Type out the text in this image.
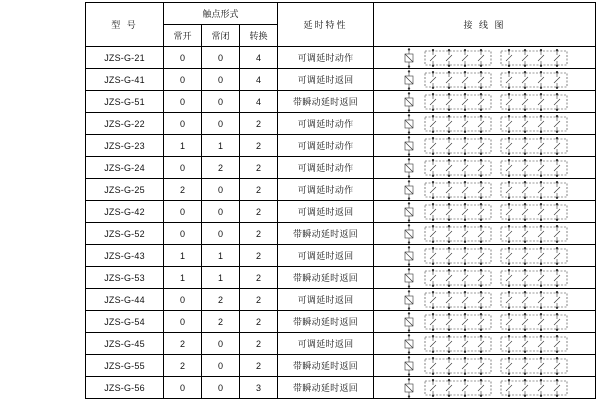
型 号	触点形式			延时特性	接 线 图
	常开	常闭	转换		
JZS-G-21	0	0	4	可调延时动作	

JZS-G-41	0	0	4	可调延时返回	

JZS-G-51	0	0	4	带瞬动延时返回	

JZS-G-22	0	0	2	可调延时动作	

JZS-G-23	1	1	2	可调延时动作	

JZS-G-24	0	2	2	可调延时动作	

JZS-G-25	2	0	2	可调延时动作	

JZS-G-42	0	0	2	可调延时返回	

JZS-G-52	0	0	2	带瞬动延时返回	

JZS-G-43	1	1	2	可调延时返回	

JZS-G-53	1	1	2	带瞬动延时返回	

JZS-G-44	0	2	2	可调延时返回	

JZS-G-54	0	2	2	带瞬动延时返回	

JZS-G-45	2	0	2	可调延时返回	

JZS-G-55	2	0	2	带瞬动延时返回	

JZS-G-56	0	0	3	带瞬动延时返回	
